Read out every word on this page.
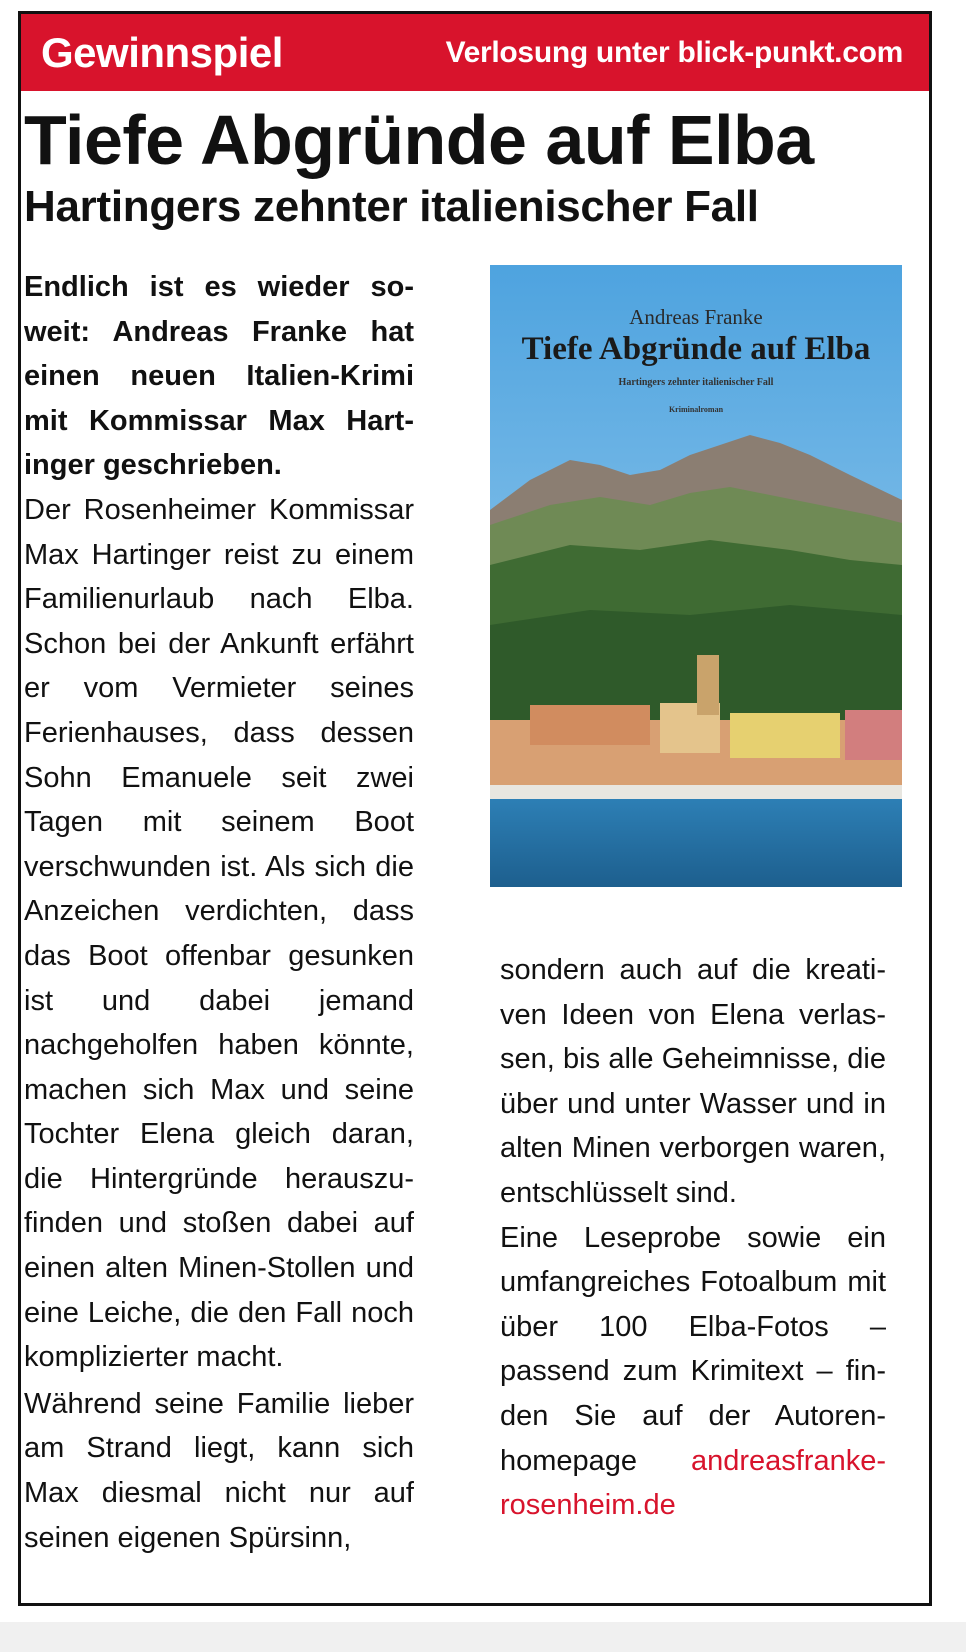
Gewinnspiel	Verlosung unter blick-punkt.com
Tiefe Abgründe auf Elba
Hartingers zehnter italienischer Fall

Endlich ist es wieder soweit: Andreas Franke hat einen neuen Italien-Krimi mit Kommissar Max Hartinger geschrieben.

Der Rosenheimer Kommissar Max Hartinger reist zu einem Familienurlaub nach Elba. Schon bei der Ankunft erfährt er vom Vermieter seines Ferienhauses, dass dessen Sohn Emanuele seit zwei Tagen mit seinem Boot verschwunden ist. Als sich die Anzeichen verdichten, dass das Boot offenbar gesunken ist und dabei jemand nachgeholfen haben könnte, machen sich Max und seine Tochter Elena gleich daran, die Hintergründe herauszufinden und stoßen dabei auf einen alten Minen-Stollen und eine Leiche, die den Fall noch komplizierter macht.

Während seine Familie lieber am Strand liegt, kann sich Max diesmal nicht nur auf seinen eigenen Spürsinn,

Andreas Franke
Tiefe Abgründe auf Elba
Hartingers zehnter italienischer Fall
Kriminalroman

sondern auch auf die kreativen Ideen von Elena verlassen, bis alle Geheimnisse, die über und unter Wasser und in alten Minen verborgen waren, entschlüsselt sind.

Eine Leseprobe sowie ein umfangreiches Fotoalbum mit über 100 Elba-Fotos – passend zum Krimitext – finden Sie auf der Autorenhomepage andreasfranke-rosenheim.de
